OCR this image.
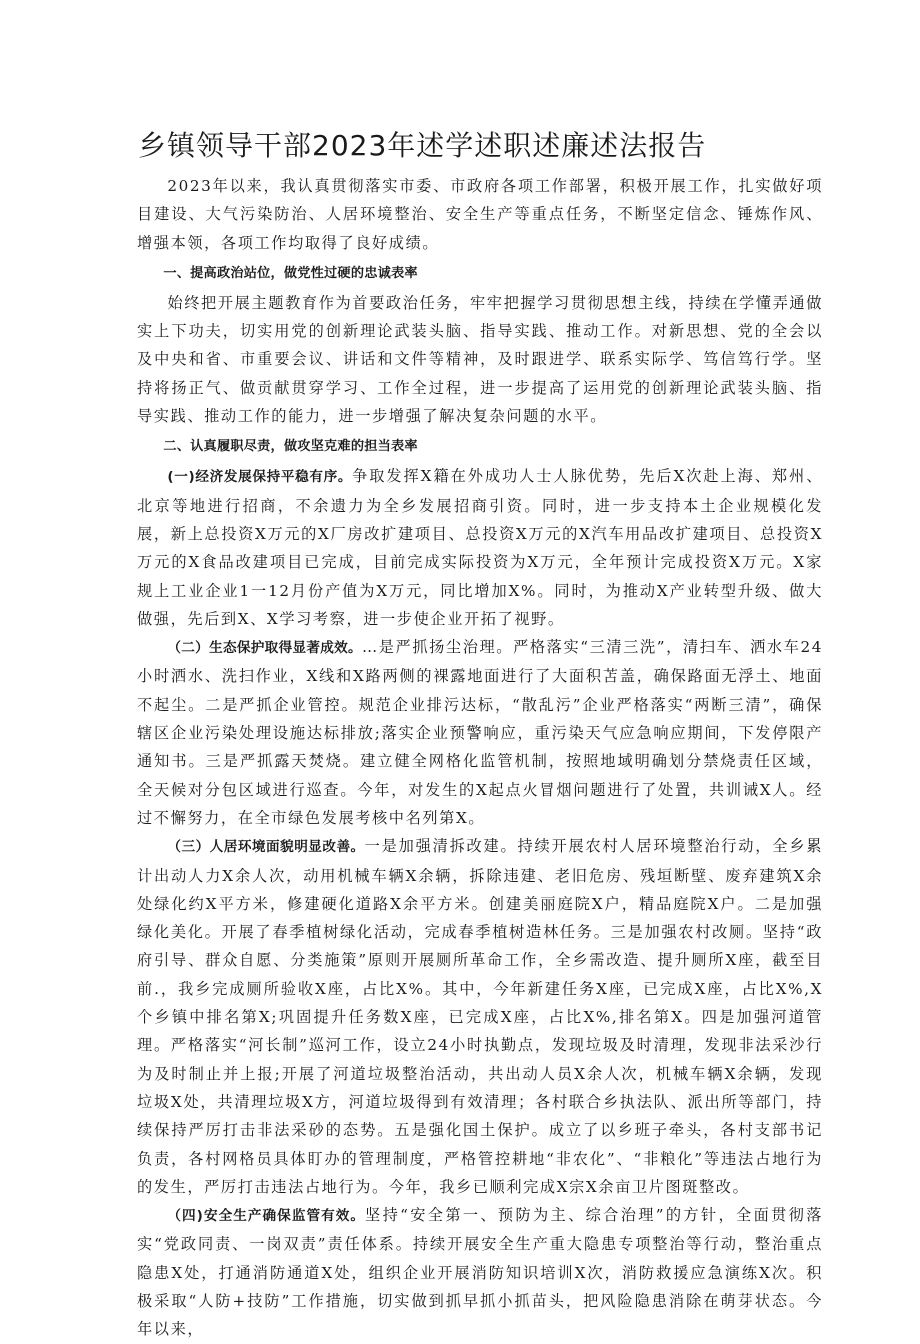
乡镇领导干部2023年述学述职述廉述法报告

2023年以来，我认真贯彻落实市委、市政府各项工作部署，积极开展工作，扎实做好项目建设、大气污染防治、人居环境整治、安全生产等重点任务，不断坚定信念、锤炼作风、增强本领，各项工作均取得了良好成绩。

一、提高政治站位，做党性过硬的忠诚表率

始终把开展主题教育作为首要政治任务，牢牢把握学习贯彻思想主线，持续在学懂弄通做实上下功夫，切实用党的创新理论武装头脑、指导实践、推动工作。对新思想、党的全会以及中央和省、市重要会议、讲话和文件等精神，及时跟进学、联系实际学、笃信笃行学。坚持将扬正气、做贡献贯穿学习、工作全过程，进一步提高了运用党的创新理论武装头脑、指导实践、推动工作的能力，进一步增强了解决复杂问题的水平。

二、认真履职尽责，做攻坚克难的担当表率

(一)经济发展保持平稳有序。争取发挥X籍在外成功人士人脉优势，先后X次赴上海、郑州、北京等地进行招商，不余遗力为全乡发展招商引资。同时，进一步支持本土企业规模化发展，新上总投资X万元的X厂房改扩建项目、总投资X万元的X汽车用品改扩建项目、总投资X万元的X食品改建项目已完成，目前完成实际投资为X万元，全年预计完成投资X万元。X家规上工业企业1一12月份产值为X万元，同比增加X%。同时，为推动X产业转型升级、做大做强，先后到X、X学习考察，进一步使企业开拓了视野。

（二）生态保护取得显著成效。…是严抓扬尘治理。严格落实“三清三洗”，清扫车、洒水车24小时洒水、洗扫作业，X线和X路两侧的裸露地面进行了大面积苫盖，确保路面无浮土、地面不起尘。二是严抓企业管控。规范企业排污达标，“散乱污”企业严格落实“两断三清”，确保辖区企业污染处理设施达标排放;落实企业预警响应，重污染天气应急响应期间，下发停限产通知书。三是严抓露天焚烧。建立健全网格化监管机制，按照地域明确划分禁烧责任区域，全天候对分包区域进行巡查。今年，对发生的X起点火冒烟问题进行了处置，共训诫X人。经过不懈努力，在全市绿色发展考核中名列第X。

（三）人居环境面貌明显改善。一是加强清拆改建。持续开展农村人居环境整治行动，全乡累计出动人力X余人次，动用机械车辆X余辆，拆除违建、老旧危房、残垣断壁、废弃建筑X余处绿化约X平方米，修建硬化道路X余平方米。创建美丽庭院X户，精品庭院X户。二是加强绿化美化。开展了春季植树绿化活动，完成春季植树造林任务。三是加强农村改厕。坚持“政府引导、群众自愿、分类施策”原则开展厕所革命工作，全乡需改造、提升厕所X座，截至目前.，我乡完成厕所验收X座，占比X%。其中，今年新建任务X座，已完成X座，占比X%,X个乡镇中排名第X;巩固提升任务数X座，已完成X座，占比X%,排名第X。四是加强河道管理。严格落实“河长制”巡河工作，设立24小时执勤点，发现垃圾及时清理，发现非法采沙行为及时制止并上报;开展了河道垃圾整治活动，共出动人员X余人次，机械车辆X余辆，发现垃圾X处，共清理垃圾X方，河道垃圾得到有效清理；各村联合乡执法队、派出所等部门，持续保持严厉打击非法采砂的态势。五是强化国土保护。成立了以乡班子牵头，各村支部书记负责，各村网格员具体盯办的管理制度，严格管控耕地“非农化”、“非粮化”等违法占地行为的发生，严厉打击违法占地行为。今年，我乡已顺利完成X宗X余亩卫片图斑整改。

（四)安全生产确保监管有效。坚持“安全第一、预防为主、综合治理”的方针，全面贯彻落实“党政同责、一岗双责”责任体系。持续开展安全生产重大隐患专项整治等行动，整治重点隐患X处，打通消防通道X处，组织企业开展消防知识培训X次，消防救援应急演练X次。积极采取“人防+技防”工作措施，切实做到抓早抓小抓苗头，把风险隐患消除在萌芽状态。今年以来，
